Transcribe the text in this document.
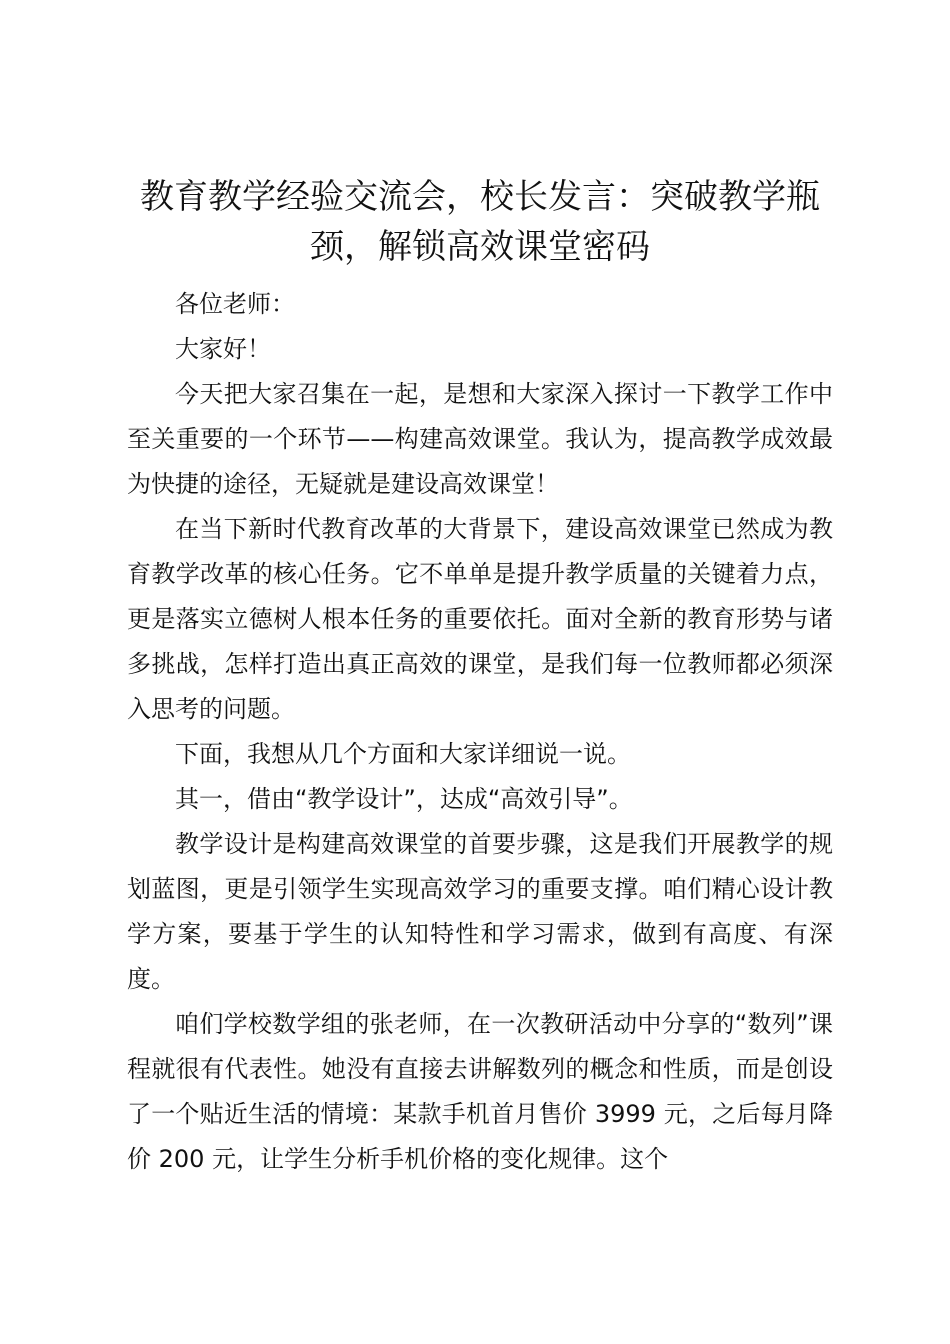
教育教学经验交流会，校长发言：突破教学瓶颈，解锁高效课堂密码

各位老师：

大家好！

今天把大家召集在一起，是想和大家深入探讨一下教学工作中至关重要的一个环节——构建高效课堂。我认为，提高教学成效最为快捷的途径，无疑就是建设高效课堂！

在当下新时代教育改革的大背景下，建设高效课堂已然成为教育教学改革的核心任务。它不单单是提升教学质量的关键着力点，更是落实立德树人根本任务的重要依托。面对全新的教育形势与诸多挑战，怎样打造出真正高效的课堂，是我们每一位教师都必须深入思考的问题。

下面，我想从几个方面和大家详细说一说。

其一，借由“教学设计”，达成“高效引导”。

教学设计是构建高效课堂的首要步骤，这是我们开展教学的规划蓝图，更是引领学生实现高效学习的重要支撑。咱们精心设计教学方案，要基于学生的认知特性和学习需求，做到有高度、有深度。

咱们学校数学组的张老师，在一次教研活动中分享的“数列”课程就很有代表性。她没有直接去讲解数列的概念和性质，而是创设了一个贴近生活的情境：某款手机首月售价 3999 元，之后每月降价 200 元，让学生分析手机价格的变化规律。这个
